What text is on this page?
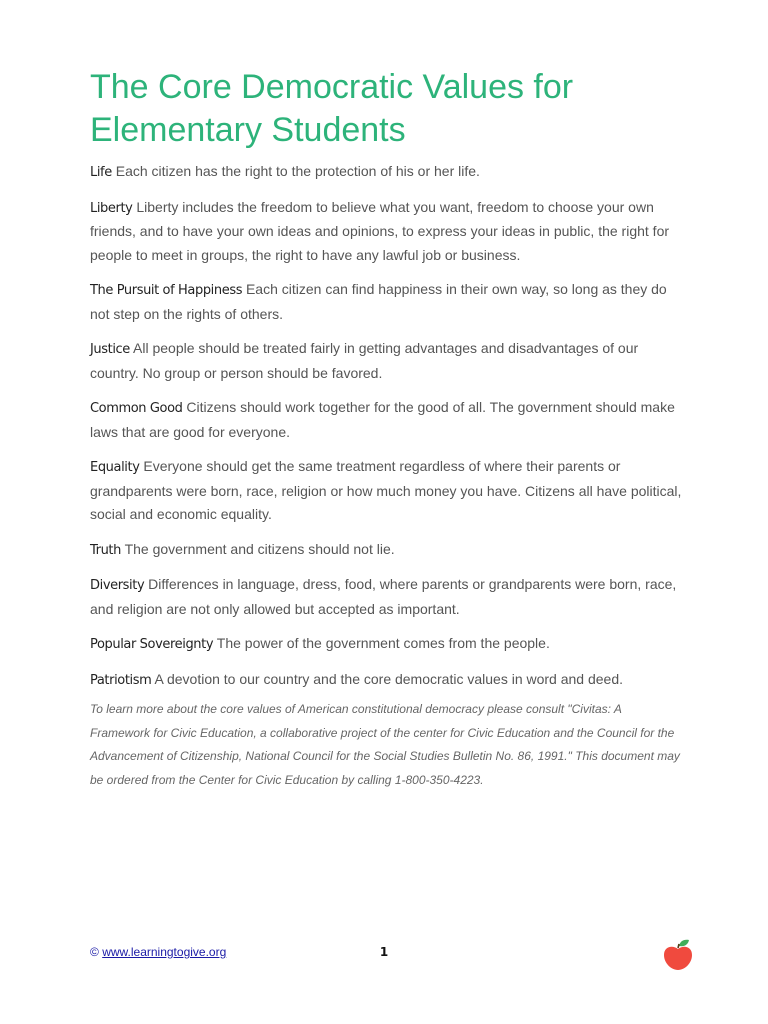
The Core Democratic Values for Elementary Students

Life Each citizen has the right to the protection of his or her life.

Liberty Liberty includes the freedom to believe what you want, freedom to choose your own friends, and to have your own ideas and opinions, to express your ideas in public, the right for people to meet in groups, the right to have any lawful job or business.

The Pursuit of Happiness Each citizen can find happiness in their own way, so long as they do not step on the rights of others.

Justice All people should be treated fairly in getting advantages and disadvantages of our country. No group or person should be favored.

Common Good Citizens should work together for the good of all. The government should make laws that are good for everyone.

Equality Everyone should get the same treatment regardless of where their parents or grandparents were born, race, religion or how much money you have. Citizens all have political, social and economic equality.

Truth The government and citizens should not lie.

Diversity Differences in language, dress, food, where parents or grandparents were born, race, and religion are not only allowed but accepted as important.

Popular Sovereignty The power of the government comes from the people.

Patriotism A devotion to our country and the core democratic values in word and deed.

To learn more about the core values of American constitutional democracy please consult "Civitas: A Framework for Civic Education, a collaborative project of the center for Civic Education and the Council for the Advancement of Citizenship, National Council for the Social Studies Bulletin No. 86, 1991." This document may be ordered from the Center for Civic Education by calling 1-800-350-4223.

© www.learningtogive.org	1
